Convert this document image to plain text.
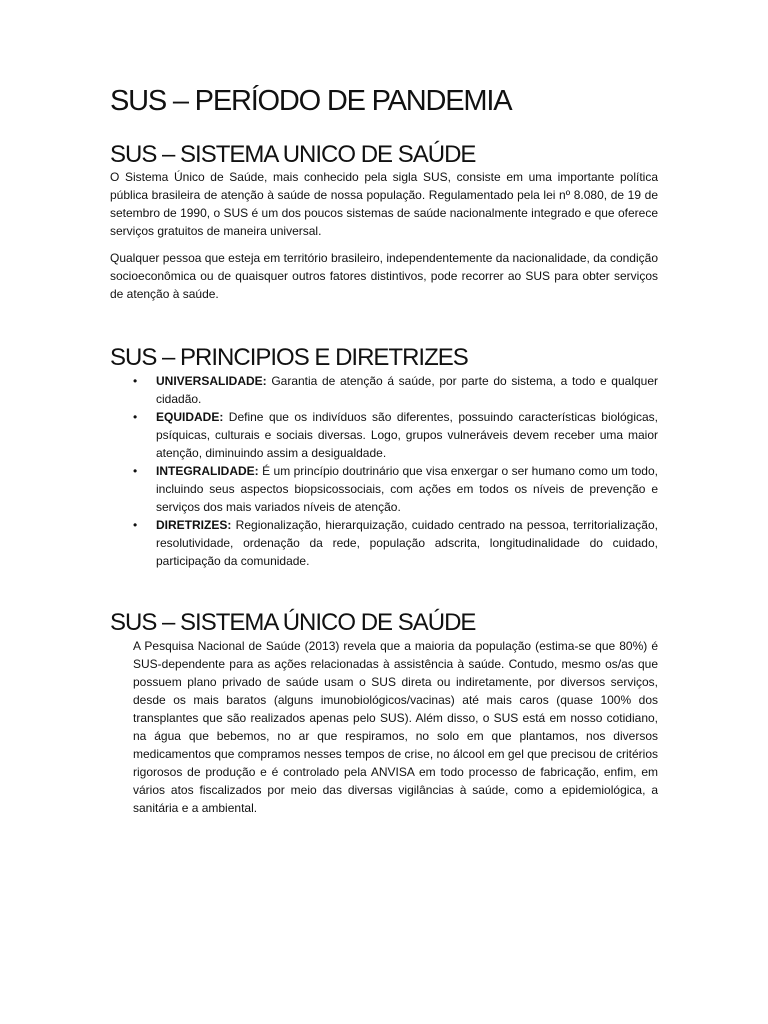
SUS – PERÍODO DE PANDEMIA
SUS – SISTEMA UNICO DE SAÚDE

O Sistema Único de Saúde, mais conhecido pela sigla SUS, consiste em uma importante política pública brasileira de atenção à saúde de nossa população. Regulamentado pela lei nº 8.080, de 19 de setembro de 1990, o SUS é um dos poucos sistemas de saúde nacionalmente integrado e que oferece serviços gratuitos de maneira universal.

Qualquer pessoa que esteja em território brasileiro, independentemente da nacionalidade, da condição socioeconômica ou de quaisquer outros fatores distintivos, pode recorrer ao SUS para obter serviços de atenção à saúde.

SUS – PRINCIPIOS E DIRETRIZES
• UNIVERSALIDADE: Garantia de atenção á saúde, por parte do sistema, a todo e qualquer cidadão.
• EQUIDADE: Define que os indivíduos são diferentes, possuindo características biológicas, psíquicas, culturais e sociais diversas. Logo, grupos vulneráveis devem receber uma maior atenção, diminuindo assim a desigualdade.
• INTEGRALIDADE: É um princípio doutrinário que visa enxergar o ser humano como um todo, incluindo seus aspectos biopsicossociais, com ações em todos os níveis de prevenção e serviços dos mais variados níveis de atenção.
• DIRETRIZES: Regionalização, hierarquização, cuidado centrado na pessoa, territorialização, resolutividade, ordenação da rede, população adscrita, longitudinalidade do cuidado, participação da comunidade.
SUS – SISTEMA ÚNICO DE SAÚDE

A Pesquisa Nacional de Saúde (2013) revela que a maioria da população (estima-se que 80%) é SUS-dependente para as ações relacionadas à assistência à saúde. Contudo, mesmo os/as que possuem plano privado de saúde usam o SUS direta ou indiretamente, por diversos serviços, desde os mais baratos (alguns imunobiológicos/vacinas) até mais caros (quase 100% dos transplantes que são realizados apenas pelo SUS). Além disso, o SUS está em nosso cotidiano, na água que bebemos, no ar que respiramos, no solo em que plantamos, nos diversos medicamentos que compramos nesses tempos de crise, no álcool em gel que precisou de critérios rigorosos de produção e é controlado pela ANVISA em todo processo de fabricação, enfim, em vários atos fiscalizados por meio das diversas vigilâncias à saúde, como a epidemiológica, a sanitária e a ambiental.
